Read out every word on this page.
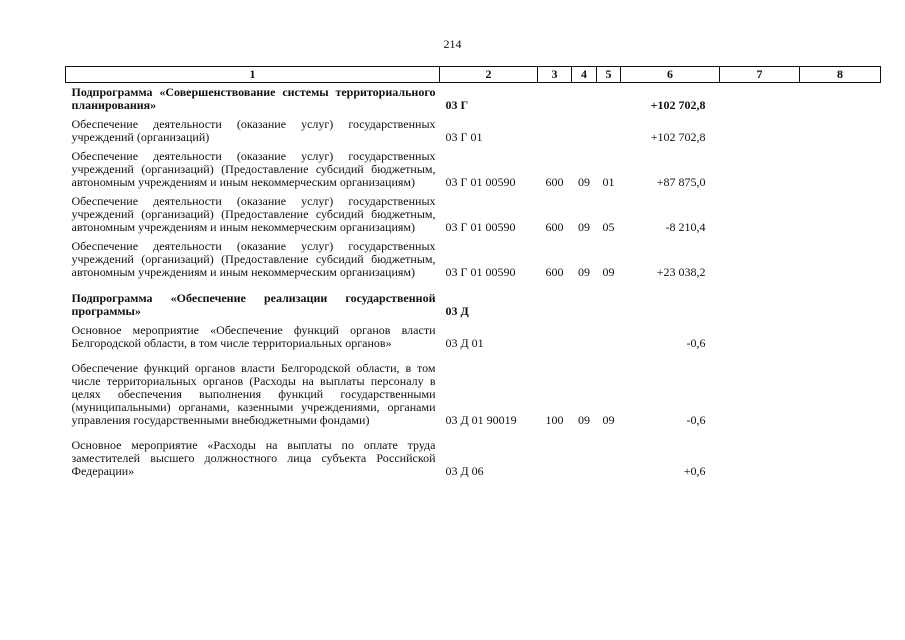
214
1	2	3	4	5	6	7	8
Подпрограмма «Совершенствование системы территориального планирования»	03 Г				+102 702,8		
Обеспечение деятельности (оказание услуг) государственных учреждений (организаций)	03 Г 01				+102 702,8		
Обеспечение деятельности (оказание услуг) государственных учреждений (организаций) (Предоставление субсидий бюджетным, автономным учреждениям и иным некоммерческим организациям)	03 Г 01 00590	600	09	01	+87 875,0		
Обеспечение деятельности (оказание услуг) государственных учреждений (организаций) (Предоставление субсидий бюджетным, автономным учреждениям и иным некоммерческим организациям)	03 Г 01 00590	600	09	05	-8 210,4		
Обеспечение деятельности (оказание услуг) государственных учреждений (организаций) (Предоставление субсидий бюджетным, автономным учреждениям и иным некоммерческим организациям)	03 Г 01 00590	600	09	09	+23 038,2		
Подпрограмма «Обеспечение реализации государственной программы»	03 Д						
Основное мероприятие «Обеспечение функций органов власти Белгородской области, в том числе территориальных органов»	03 Д 01				-0,6		
Обеспечение функций органов власти Белгородской области, в том числе территориальных органов (Расходы на выплаты персоналу в целях обеспечения выполнения функций государственными (муниципальными) органами, казенными учреждениями, органами управления государственными внебюджетными фондами)	03 Д 01 90019	100	09	09	-0,6		
Основное мероприятие «Расходы на выплаты по оплате труда заместителей высшего должностного лица субъекта Российской Федерации»	03 Д 06				+0,6		
